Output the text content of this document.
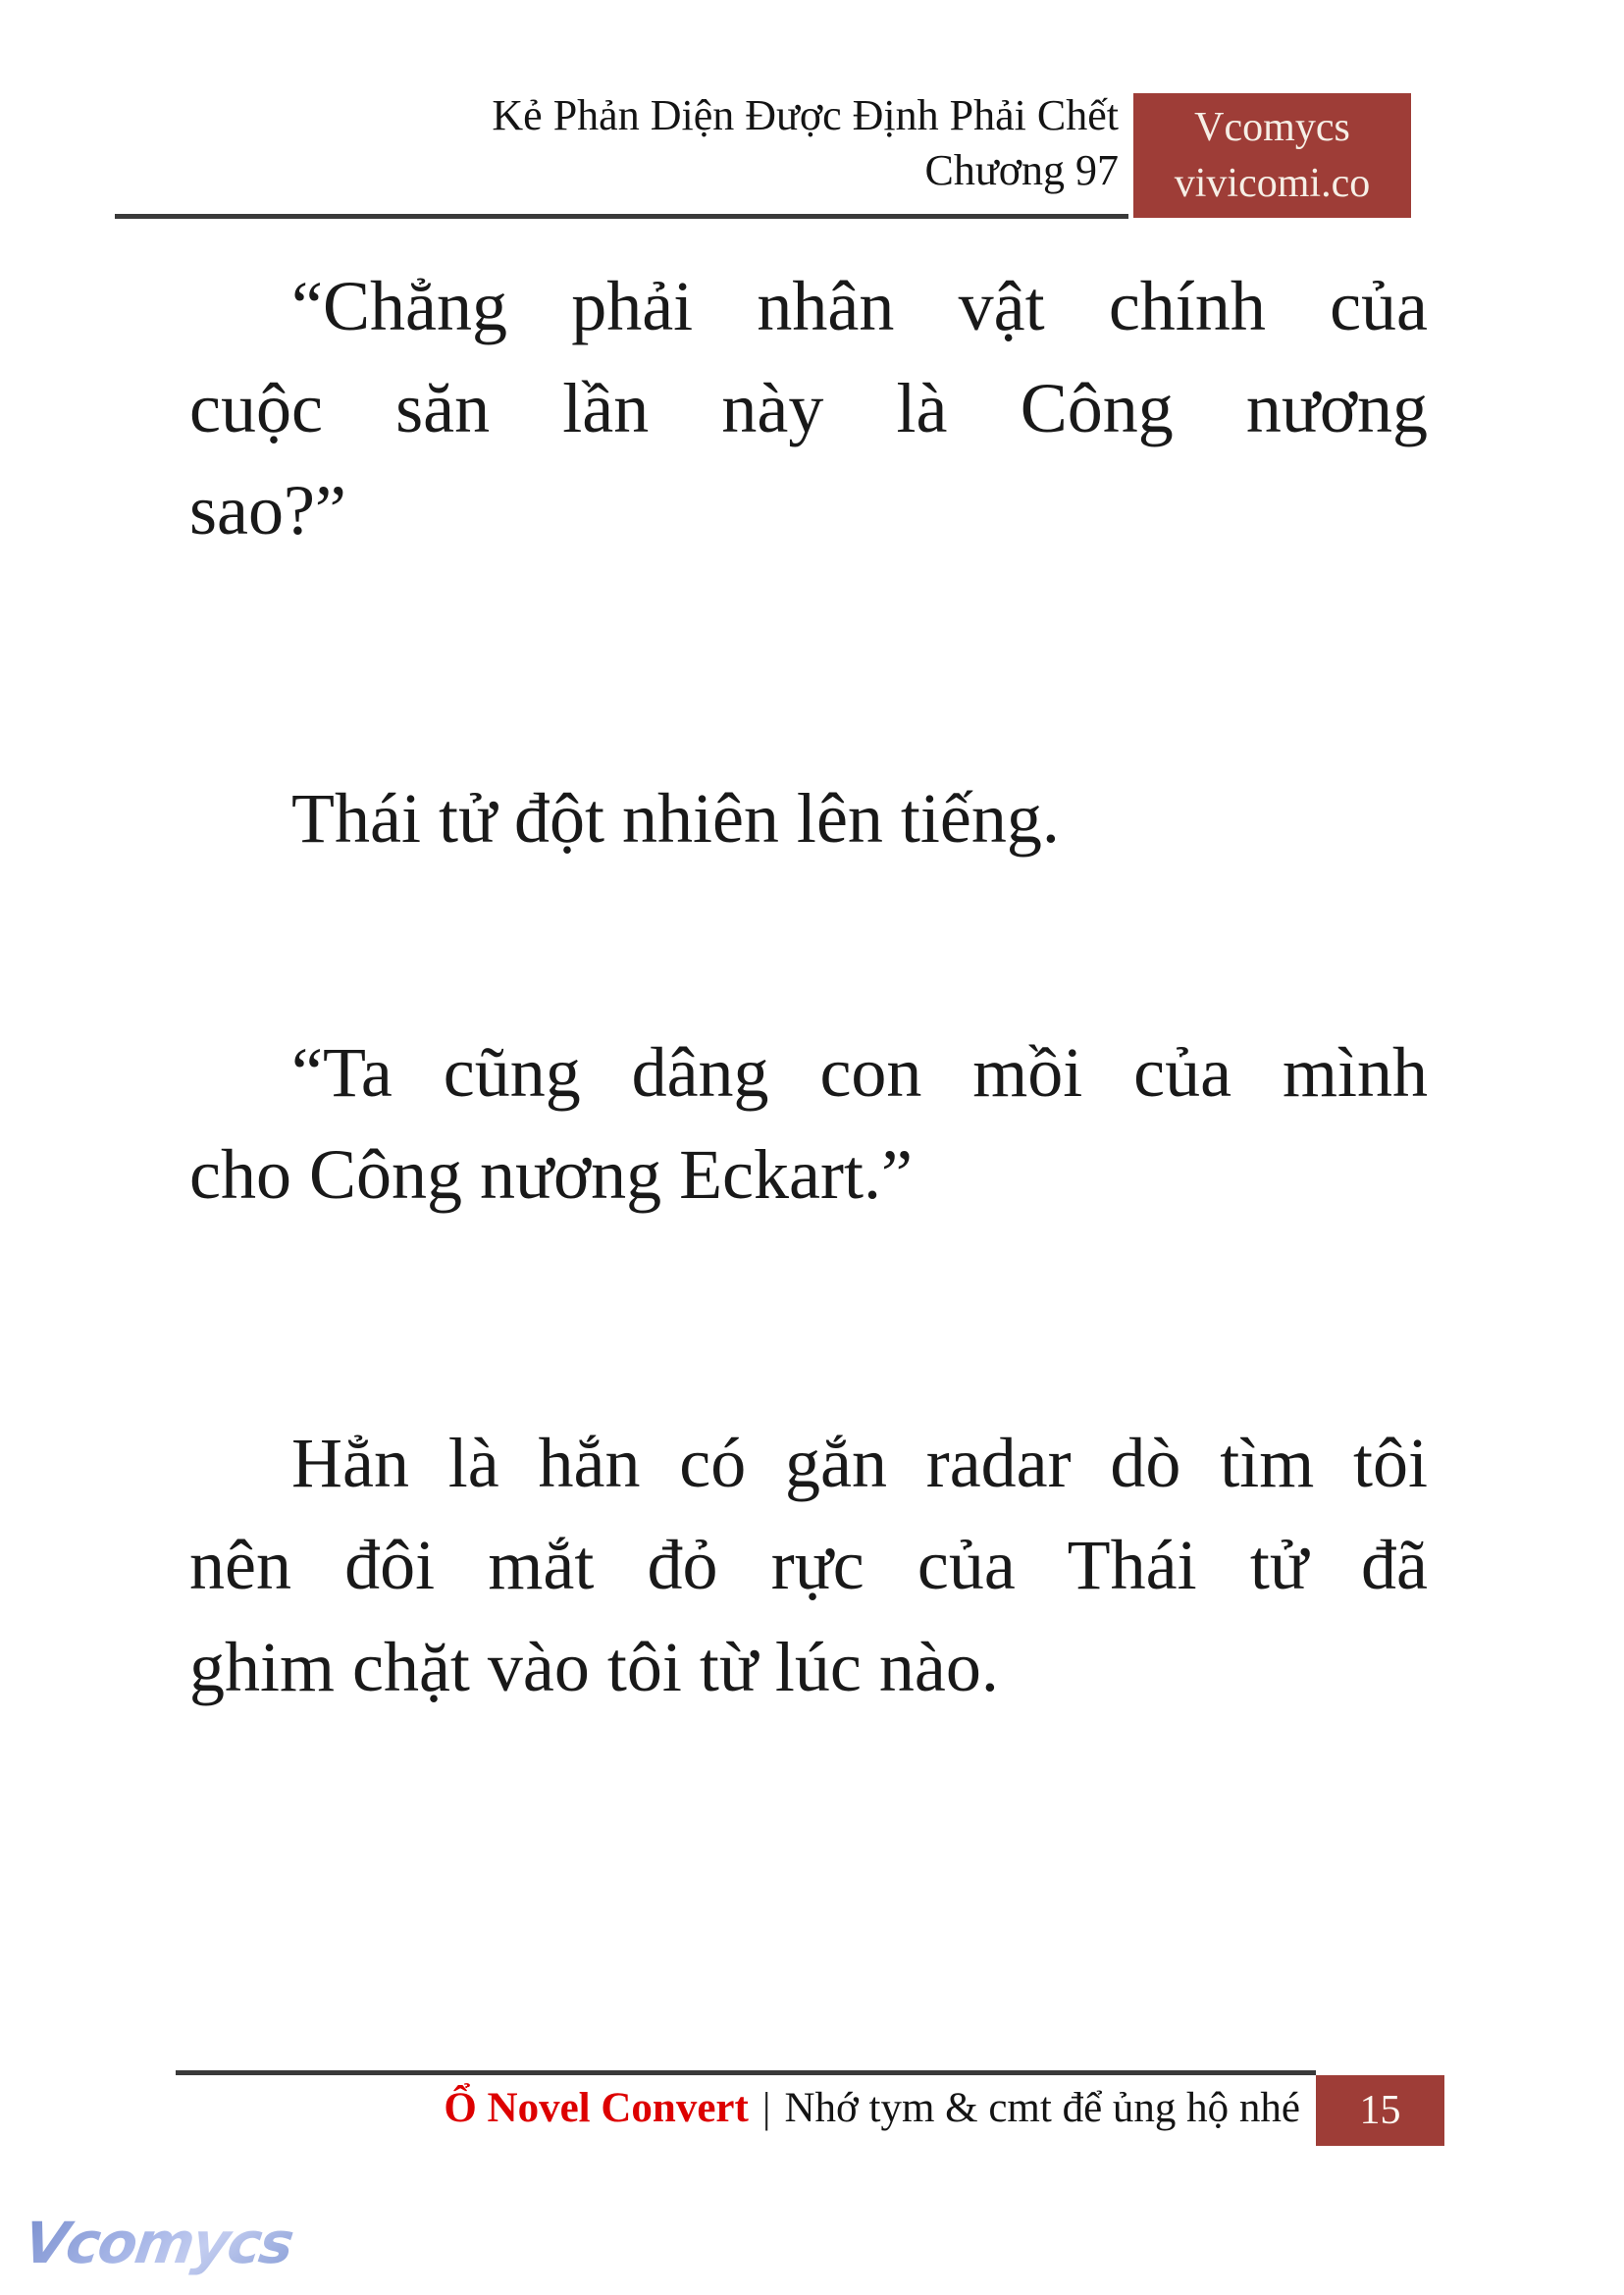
Kẻ Phản Diện Được Định Phải Chết
Chương 97
Vcomycs
vivicomi.co
“Chẳng phải nhân vật chính của
cuộc săn lần này là Công nương
sao?”
Thái tử đột nhiên lên tiếng.
“Ta cũng dâng con mồi của mình
cho Công nương Eckart.”
Hẳn là hắn có gắn radar dò tìm tôi
nên đôi mắt đỏ rực của Thái tử đã
ghim chặt vào tôi từ lúc nào.
Ổ Novel Convert | Nhớ tym & cmt để ủng hộ nhé 15
Vcomycs
